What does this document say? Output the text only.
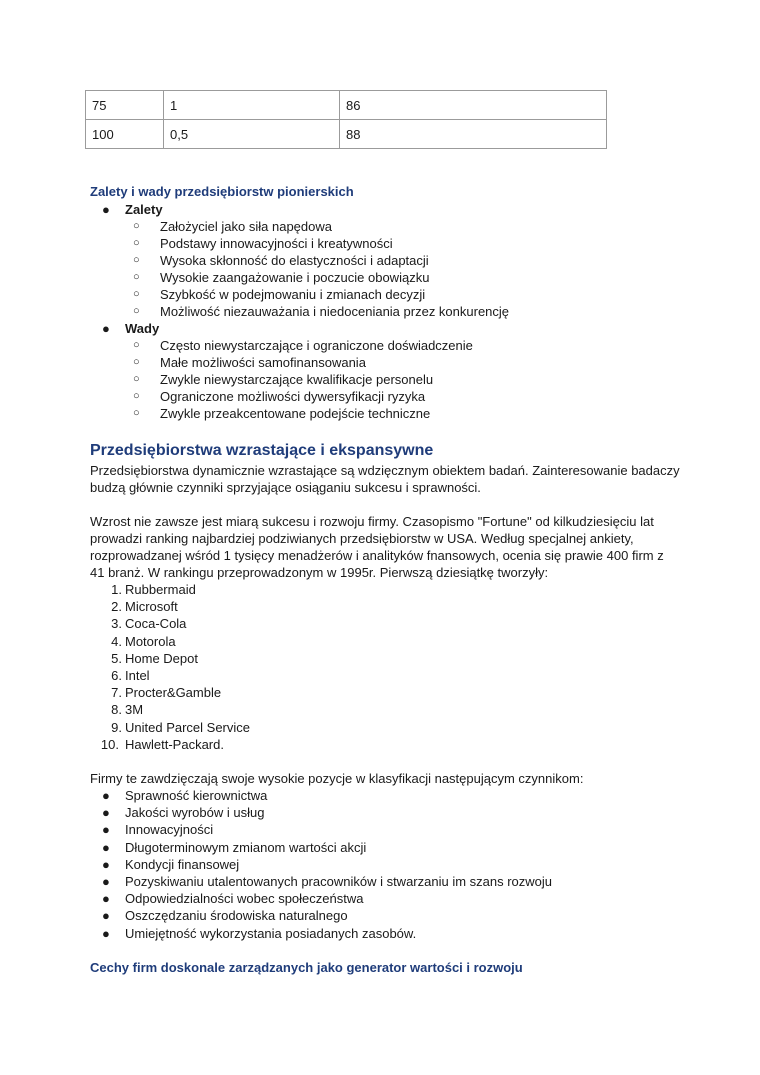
75	1	86
100	0,5	88
Zalety i wady przedsiębiorstw pionierskich
● Zalety
○ Założyciel jako siła napędowa
○ Podstawy innowacyjności i kreatywności
○ Wysoka skłonność do elastyczności i adaptacji
○ Wysokie zaangażowanie i poczucie obowiązku
○ Szybkość w podejmowaniu i zmianach decyzji
○ Możliwość niezauważania i niedoceniania przez konkurencję
● Wady
○ Często niewystarczające i ograniczone doświadczenie
○ Małe możliwości samofinansowania
○ Zwykle niewystarczające kwalifikacje personelu
○ Ograniczone możliwości dywersyfikacji ryzyka
○ Zwykle przeakcentowane podejście techniczne
Przedsiębiorstwa wzrastające i ekspansywne
Przedsiębiorstwa dynamicznie wzrastające są wdzięcznym obiektem badań. Zainteresowanie badaczy
budzą głównie czynniki sprzyjające osiąganiu sukcesu i sprawności.
Wzrost nie zawsze jest miarą sukcesu i rozwoju firmy. Czasopismo "Fortune" od kilkudziesięciu lat
prowadzi ranking najbardziej podziwianych przedsiębiorstw w USA. Według specjalnej ankiety,
rozprowadzanej wśród 1 tysięcy menadżerów i analityków fnansowych, ocenia się prawie 400 firm z
41 branż. W rankingu przeprowadzonym w 1995r. Pierwszą dziesiątkę tworzyły:
1. Rubbermaid
2. Microsoft
3. Coca-Cola
4. Motorola
5. Home Depot
6. Intel
7. Procter&Gamble
8. 3M
9. United Parcel Service
10. Hawlett-Packard.
Firmy te zawdzięczają swoje wysokie pozycje w klasyfikacji następującym czynnikom:
● Sprawność kierownictwa
● Jakości wyrobów i usług
● Innowacyjności
● Długoterminowym zmianom wartości akcji
● Kondycji finansowej
● Pozyskiwaniu utalentowanych pracowników i stwarzaniu im szans rozwoju
● Odpowiedzialności wobec społeczeństwa
● Oszczędzaniu środowiska naturalnego
● Umiejętność wykorzystania posiadanych zasobów.
Cechy firm doskonale zarządzanych jako generator wartości i rozwoju
